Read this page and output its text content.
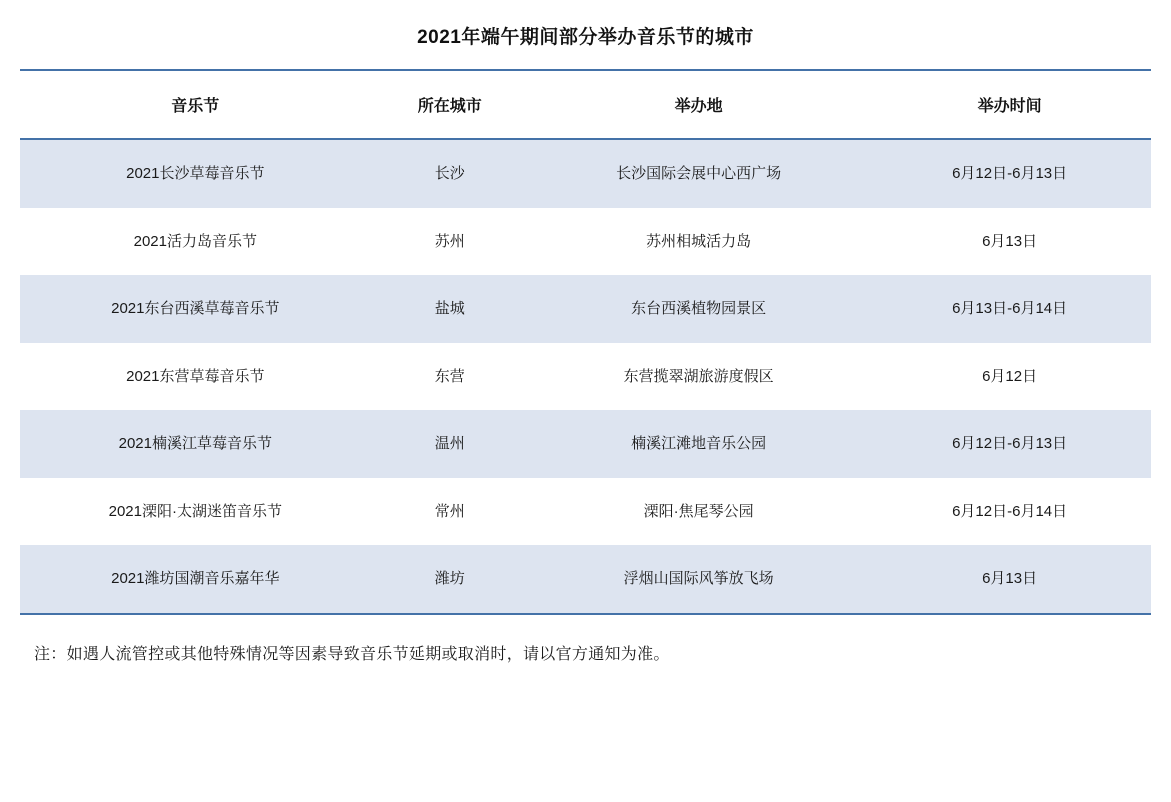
2021年端午期间部分举办音乐节的城市
音乐节	所在城市	举办地	举办时间
2021长沙草莓音乐节	长沙	长沙国际会展中心西广场	6月12日-6月13日
2021活力岛音乐节	苏州	苏州相城活力岛	6月13日
2021东台西溪草莓音乐节	盐城	东台西溪植物园景区	6月13日-6月14日
2021东营草莓音乐节	东营	东营揽翠湖旅游度假区	6月12日
2021楠溪江草莓音乐节	温州	楠溪江滩地音乐公园	6月12日-6月13日
2021溧阳·太湖迷笛音乐节	常州	溧阳·焦尾琴公园	6月12日-6月14日
2021潍坊国潮音乐嘉年华	潍坊	浮烟山国际风筝放飞场	6月13日
注：如遇人流管控或其他特殊情况等因素导致音乐节延期或取消时，请以官方通知为准。
